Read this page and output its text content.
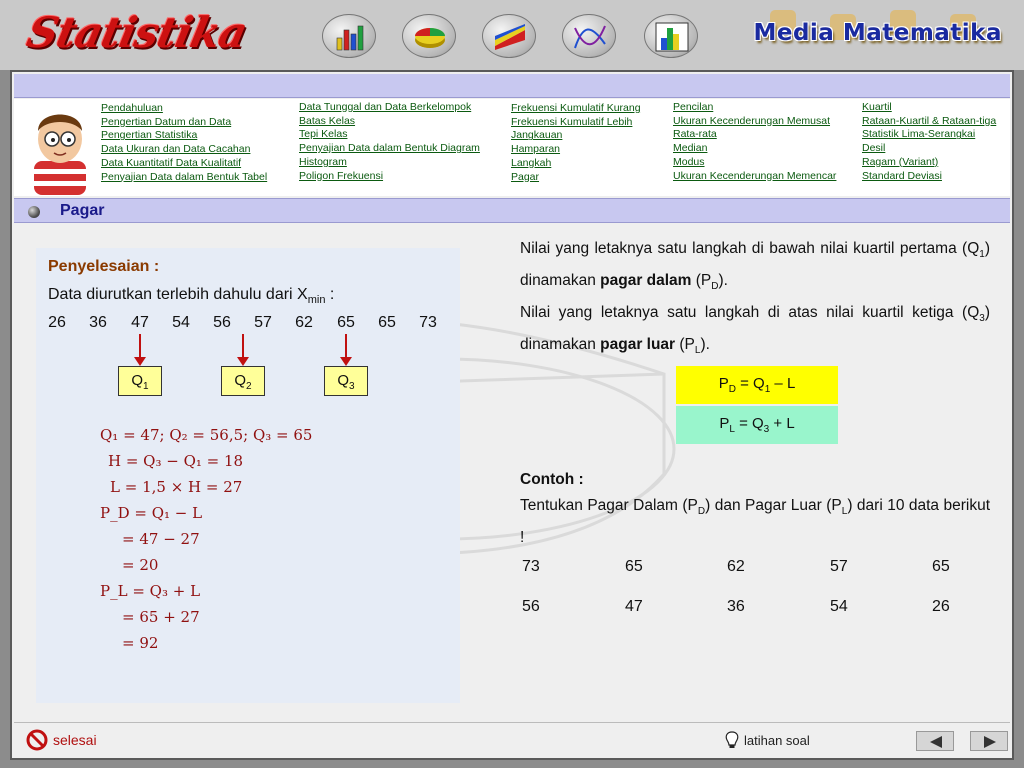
Statistika	Media Matematika
Pendahuluan
Pengertian Datum dan Data
Pengertian Statistika
Data Ukuran dan Data Cacahan
Data Kuantitatif Data Kualitatif
Penyajian Data dalam Bentuk Tabel
Data Tunggal dan Data Berkelompok
Batas Kelas
Tepi Kelas
Penyajian Data dalam Bentuk Diagram
Histogram
Poligon Frekuensi
Frekuensi Kumulatif Kurang
Frekuensi Kumulatif Lebih
Jangkauan
Hamparan
Langkah
Pagar
Pencilan
Ukuran Kecenderungan Memusat
Rata-rata
Median
Modus
Ukuran Kecenderungan Memencar
Kuartil
Rataan-Kuartil & Rataan-tiga
Statistik Lima-Serangkai
Desil
Ragam (Variant)
Standard Deviasi
Pagar
Penyelesaian :
Data diurutkan terlebih dahulu dari $X_{min}$ :
26 36 47 54 56 57 62 65 65 73
$Q_1$	$Q_2$	$Q_3$
Q₁ = 47; Q₂ = 56,5; Q₃ = 65
H = Q₃ − Q₁ = 18
L = 1,5 × H = 27
P_D = Q₁ − L
= 47 − 27
= 20
P_L = Q₃ + L
= 65 + 27
= 92
Nilai yang letaknya satu langkah di bawah nilai kuartil pertama $(Q_1)$ dinamakan pagar dalam $(P_D)$.
Nilai yang letaknya satu langkah di atas nilai kuartil ketiga $(Q_3)$ dinamakan pagar luar $(P_L)$.
$P_D = Q_1 - L$
$P_L = Q_3 + L$
Contoh :
Tentukan Pagar Dalam $(P_D)$ dan Pagar Luar $(P_L)$ dari 10 data berikut !
73	65	62	57	65
56	47	36	54	26
selesai	latihan soal
